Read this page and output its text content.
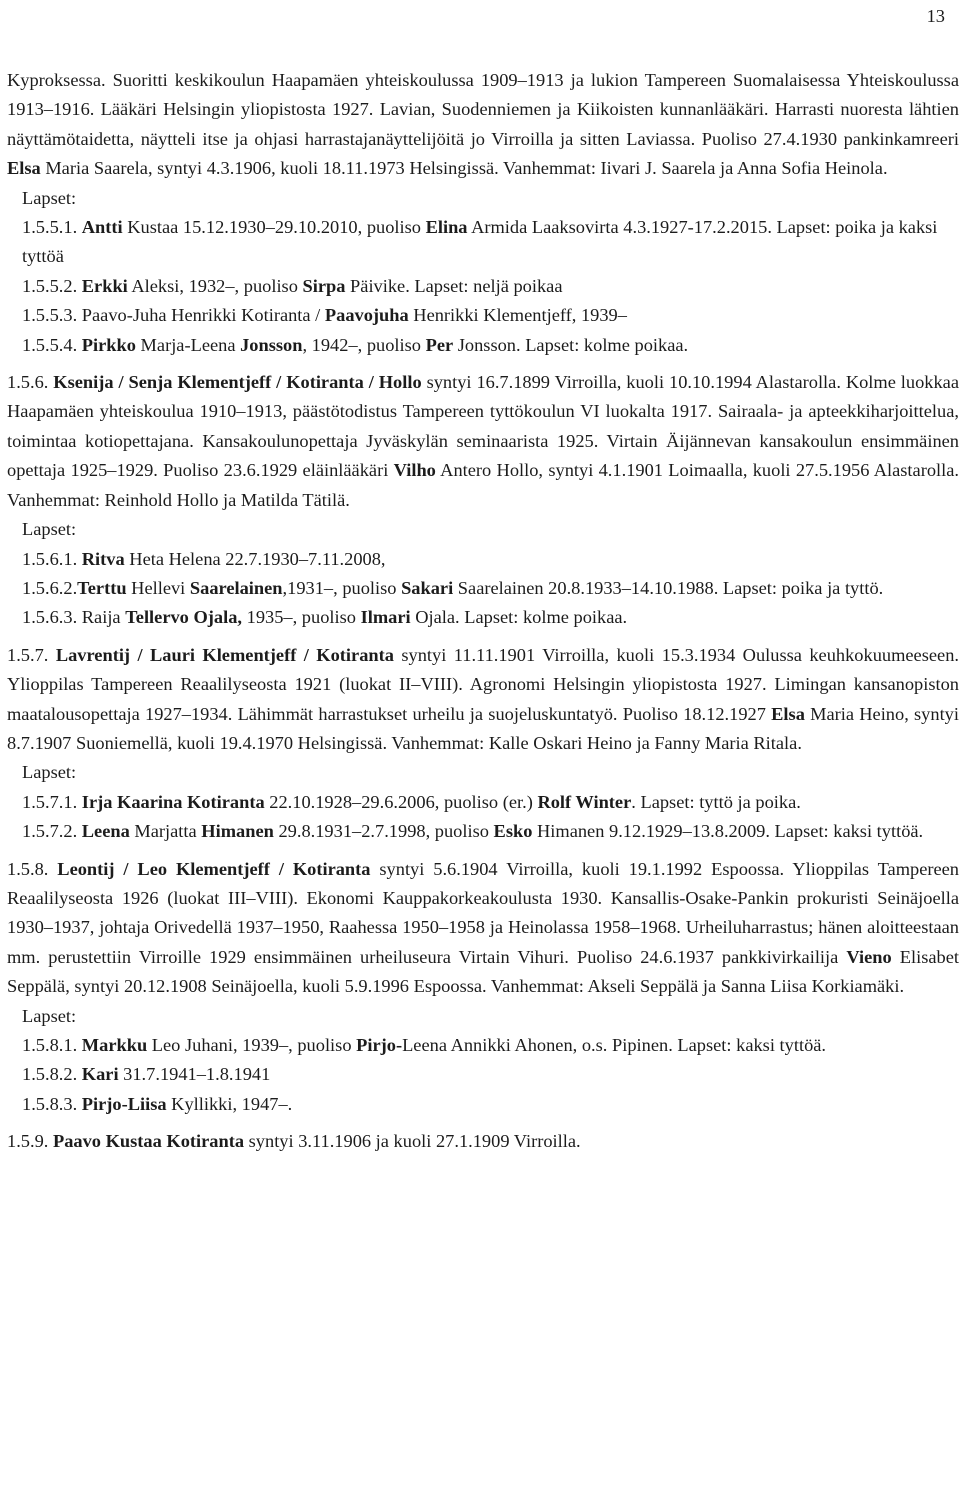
13

Kyproksessa. Suoritti keskikoulun Haapamäen yhteiskoulussa 1909–1913 ja lukion Tampereen Suomalaisessa Yhteiskoulussa 1913–1916. Lääkäri Helsingin yliopistosta 1927. Lavian, Suodenniemen ja Kiikoisten kunnanlääkäri. Harrasti nuoresta lähtien näyttämötaidetta, näytteli itse ja ohjasi harrastajanäyttelijöitä jo Virroilla ja sitten Laviassa. Puoliso 27.4.1930 pankinkamreeri Elsa Maria Saarela, syntyi 4.3.1906, kuoli 18.11.1973 Helsingissä. Vanhemmat: Iivari J. Saarela ja Anna Sofia Heinola.

Lapset:

1.5.5.1. Antti Kustaa 15.12.1930–29.10.2010, puoliso Elina Armida Laaksovirta 4.3.1927-17.2.2015. Lapset: poika ja kaksi tyttöä

1.5.5.2. Erkki Aleksi, 1932–, puoliso Sirpa Päivike. Lapset: neljä poikaa

1.5.5.3. Paavo-Juha Henrikki Kotiranta / Paavojuha Henrikki Klementjeff, 1939–

1.5.5.4. Pirkko Marja-Leena Jonsson, 1942–, puoliso Per Jonsson. Lapset: kolme poikaa.

1.5.6. Ksenija / Senja Klementjeff / Kotiranta / Hollo syntyi 16.7.1899 Virroilla, kuoli 10.10.1994 Alastarolla. Kolme luokkaa Haapamäen yhteiskoulua 1910–1913, päästötodistus Tampereen tyttökoulun VI luokalta 1917. Sairaala- ja apteekkiharjoittelua, toimintaa kotiopettajana. Kansakoulunopettaja Jyväskylän seminaarista 1925. Virtain Äijännevan kansakoulun ensimmäinen opettaja 1925–1929. Puoliso 23.6.1929 eläinlääkäri Vilho Antero Hollo, syntyi 4.1.1901 Loimaalla, kuoli 27.5.1956 Alastarolla. Vanhemmat: Reinhold Hollo ja Matilda Tätilä.

Lapset:

1.5.6.1. Ritva Heta Helena 22.7.1930–7.11.2008,

1.5.6.2.Terttu Hellevi Saarelainen,1931–, puoliso Sakari Saarelainen 20.8.1933–14.10.1988. Lapset: poika ja tyttö.

1.5.6.3. Raija Tellervo Ojala, 1935–, puoliso Ilmari Ojala. Lapset: kolme poikaa.

1.5.7. Lavrentij / Lauri Klementjeff / Kotiranta syntyi 11.11.1901 Virroilla, kuoli 15.3.1934 Oulussa keuhkokuumeeseen. Ylioppilas Tampereen Reaalilyseosta 1921 (luokat II–VIII). Agronomi Helsingin yliopistosta 1927. Limingan kansanopiston maatalousopettaja 1927–1934. Lähimmät harrastukset urheilu ja suojeluskuntatyö. Puoliso 18.12.1927 Elsa Maria Heino, syntyi 8.7.1907 Suoniemellä, kuoli 19.4.1970 Helsingissä. Vanhemmat: Kalle Oskari Heino ja Fanny Maria Ritala.

Lapset:

1.5.7.1. Irja Kaarina Kotiranta 22.10.1928–29.6.2006, puoliso (er.) Rolf Winter. Lapset: tyttö ja poika.

1.5.7.2. Leena Marjatta Himanen 29.8.1931–2.7.1998, puoliso Esko Himanen 9.12.1929–13.8.2009. Lapset: kaksi tyttöä.

1.5.8. Leontij / Leo Klementjeff / Kotiranta syntyi 5.6.1904 Virroilla, kuoli 19.1.1992 Espoossa. Ylioppilas Tampereen Reaalilyseosta 1926 (luokat III–VIII). Ekonomi Kauppakorkeakoulusta 1930. Kansallis-Osake-Pankin prokuristi Seinäjoella 1930–1937, johtaja Orivedellä 1937–1950, Raahessa 1950–1958 ja Heinolassa 1958–1968. Urheiluharrastus; hänen aloitteestaan mm. perustettiin Virroille 1929 ensimmäinen urheiluseura Virtain Vihuri. Puoliso 24.6.1937 pankkivirkailija Vieno Elisabet Seppälä, syntyi 20.12.1908 Seinäjoella, kuoli 5.9.1996 Espoossa. Vanhemmat: Akseli Seppälä ja Sanna Liisa Korkiamäki.

Lapset:

1.5.8.1. Markku Leo Juhani, 1939–, puoliso Pirjo-Leena Annikki Ahonen, o.s. Pipinen. Lapset: kaksi tyttöä.

1.5.8.2. Kari 31.7.1941–1.8.1941

1.5.8.3. Pirjo-Liisa Kyllikki, 1947–.

1.5.9. Paavo Kustaa Kotiranta syntyi 3.11.1906 ja kuoli 27.1.1909 Virroilla.
